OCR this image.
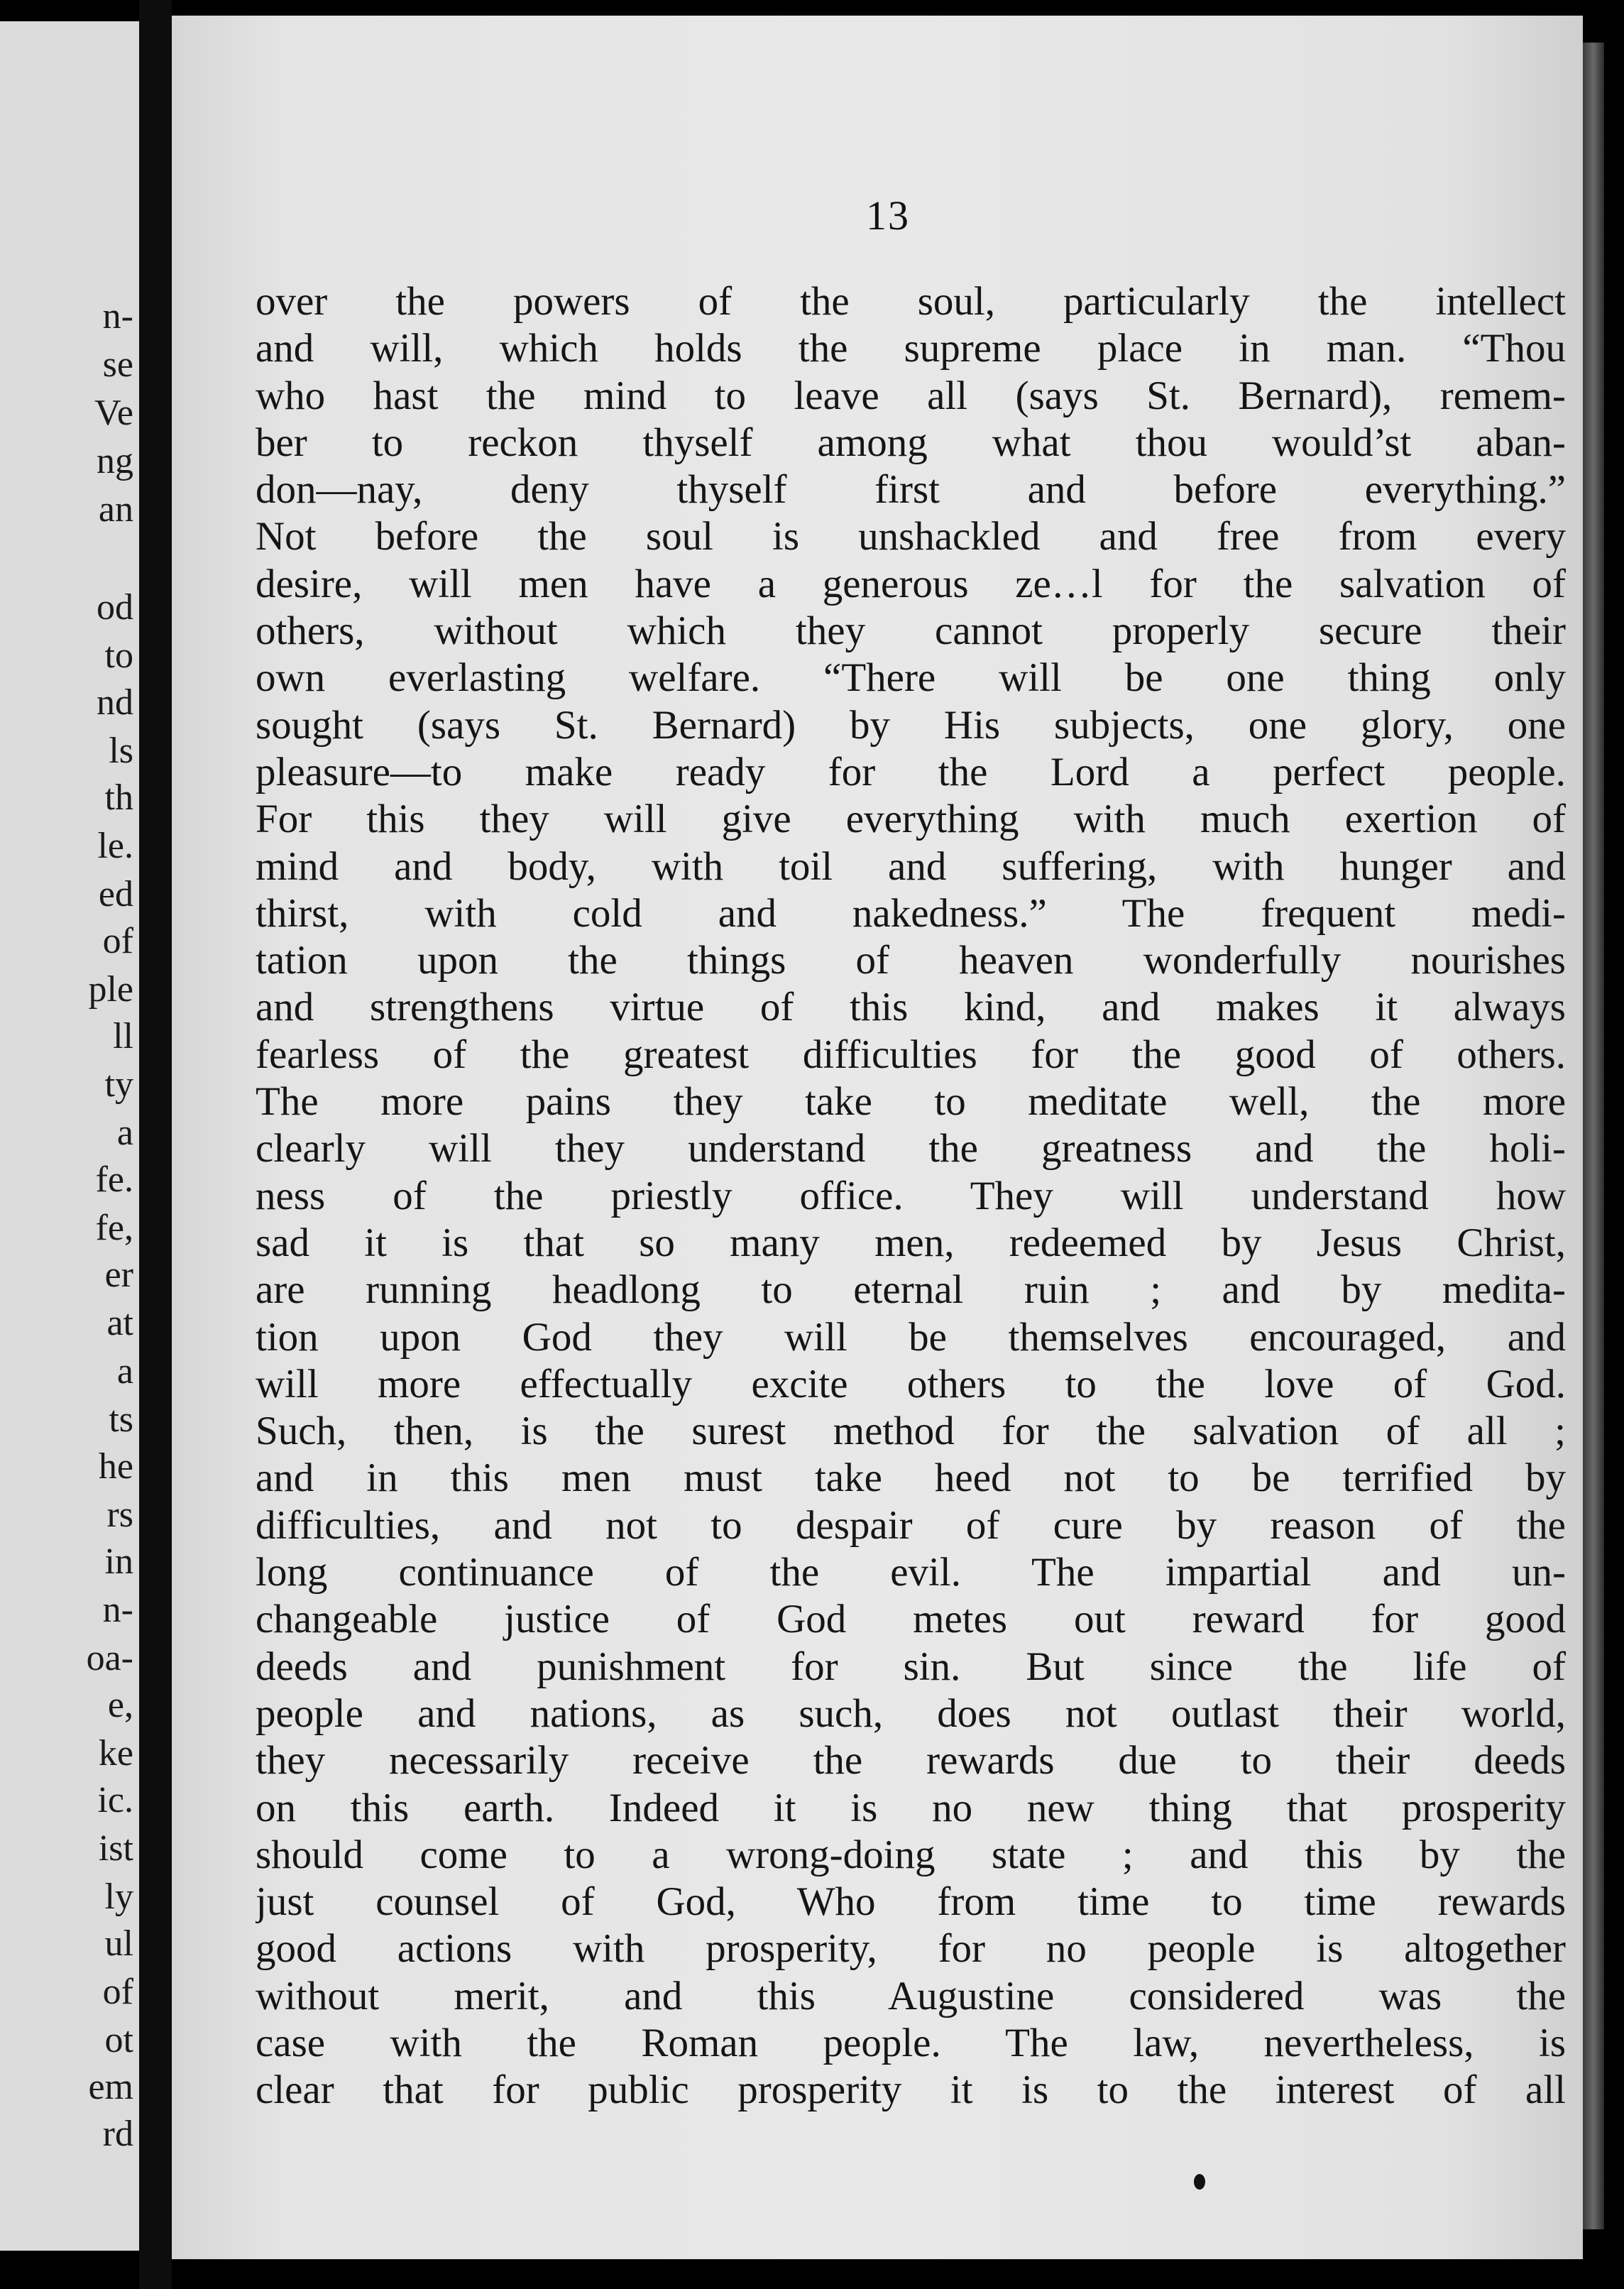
n-
se
Ve
ng
an
od
to
nd
ls
th
le.
ed
of
ple
ll
ty
a
fe.
fe,
er
at
a
ts
he
rs
in
n-
oa-
e,
ke
ic.
ist
ly
ul
of
ot
em
rd
13
over the powers of the soul, particularly the intellect
and will, which holds the supreme place in man. “Thou
who hast the mind to leave all (says St. Bernard), remem-
ber to reckon thyself among what thou would’st aban-
don—nay, deny thyself first and before everything.”
Not before the soul is unshackled and free from every
desire, will men have a generous ze…l for the salvation of
others, without which they cannot properly secure their
own everlasting welfare. “There will be one thing only
sought (says St. Bernard) by His subjects, one glory, one
pleasure—to make ready for the Lord a perfect people.
For this they will give everything with much exertion of
mind and body, with toil and suffering, with hunger and
thirst, with cold and nakedness.” The frequent medi-
tation upon the things of heaven wonderfully nourishes
and strengthens virtue of this kind, and makes it always
fearless of the greatest difficulties for the good of others.
The more pains they take to meditate well, the more
clearly will they understand the greatness and the holi-
ness of the priestly office. They will understand how
sad it is that so many men, redeemed by Jesus Christ,
are running headlong to eternal ruin ; and by medita-
tion upon God they will be themselves encouraged, and
will more effectually excite others to the love of God.
Such, then, is the surest method for the salvation of all ;
and in this men must take heed not to be terrified by
difficulties, and not to despair of cure by reason of the
long continuance of the evil. The impartial and un-
changeable justice of God metes out reward for good
deeds and punishment for sin. But since the life of
people and nations, as such, does not outlast their world,
they necessarily receive the rewards due to their deeds
on this earth. Indeed it is no new thing that prosperity
should come to a wrong-doing state ; and this by the
just counsel of God, Who from time to time rewards
good actions with prosperity, for no people is altogether
without merit, and this Augustine considered was the
case with the Roman people. The law, nevertheless, is
clear that for public prosperity it is to the interest of all
